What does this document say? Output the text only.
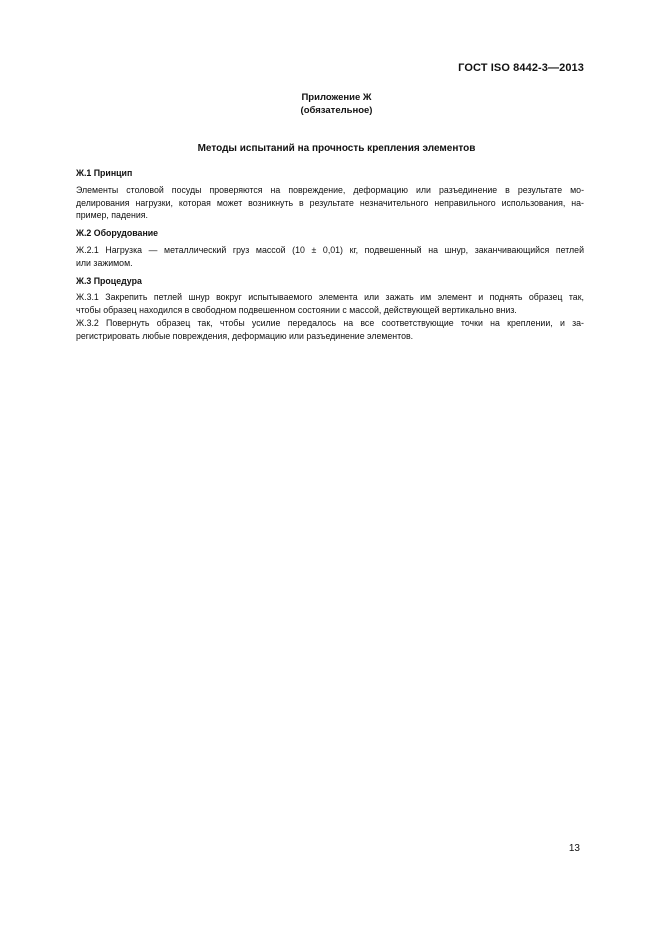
ГОСТ ISO 8442-3—2013
Приложение Ж
(обязательное)
Методы испытаний на прочность крепления элементов
Ж.1 Принцип
Элементы столовой посуды проверяются на повреждение, деформацию или разъединение в результате мо-
делирования нагрузки, которая может возникнуть в результате незначительного неправильного использования, на-
пример, падения.
Ж.2 Оборудование
Ж.2.1 Нагрузка — металлический груз массой (10 ± 0,01) кг, подвешенный на шнур, заканчивающийся петлей
или зажимом.
Ж.3 Процедура
Ж.3.1 Закрепить петлей шнур вокруг испытываемого элемента или зажать им элемент и поднять образец так,
чтобы образец находился в свободном подвешенном состоянии с массой, действующей вертикально вниз.
Ж.3.2 Повернуть образец так, чтобы усилие передалось на все соответствующие точки на креплении, и за-
регистрировать любые повреждения, деформацию или разъединение элементов.
13
